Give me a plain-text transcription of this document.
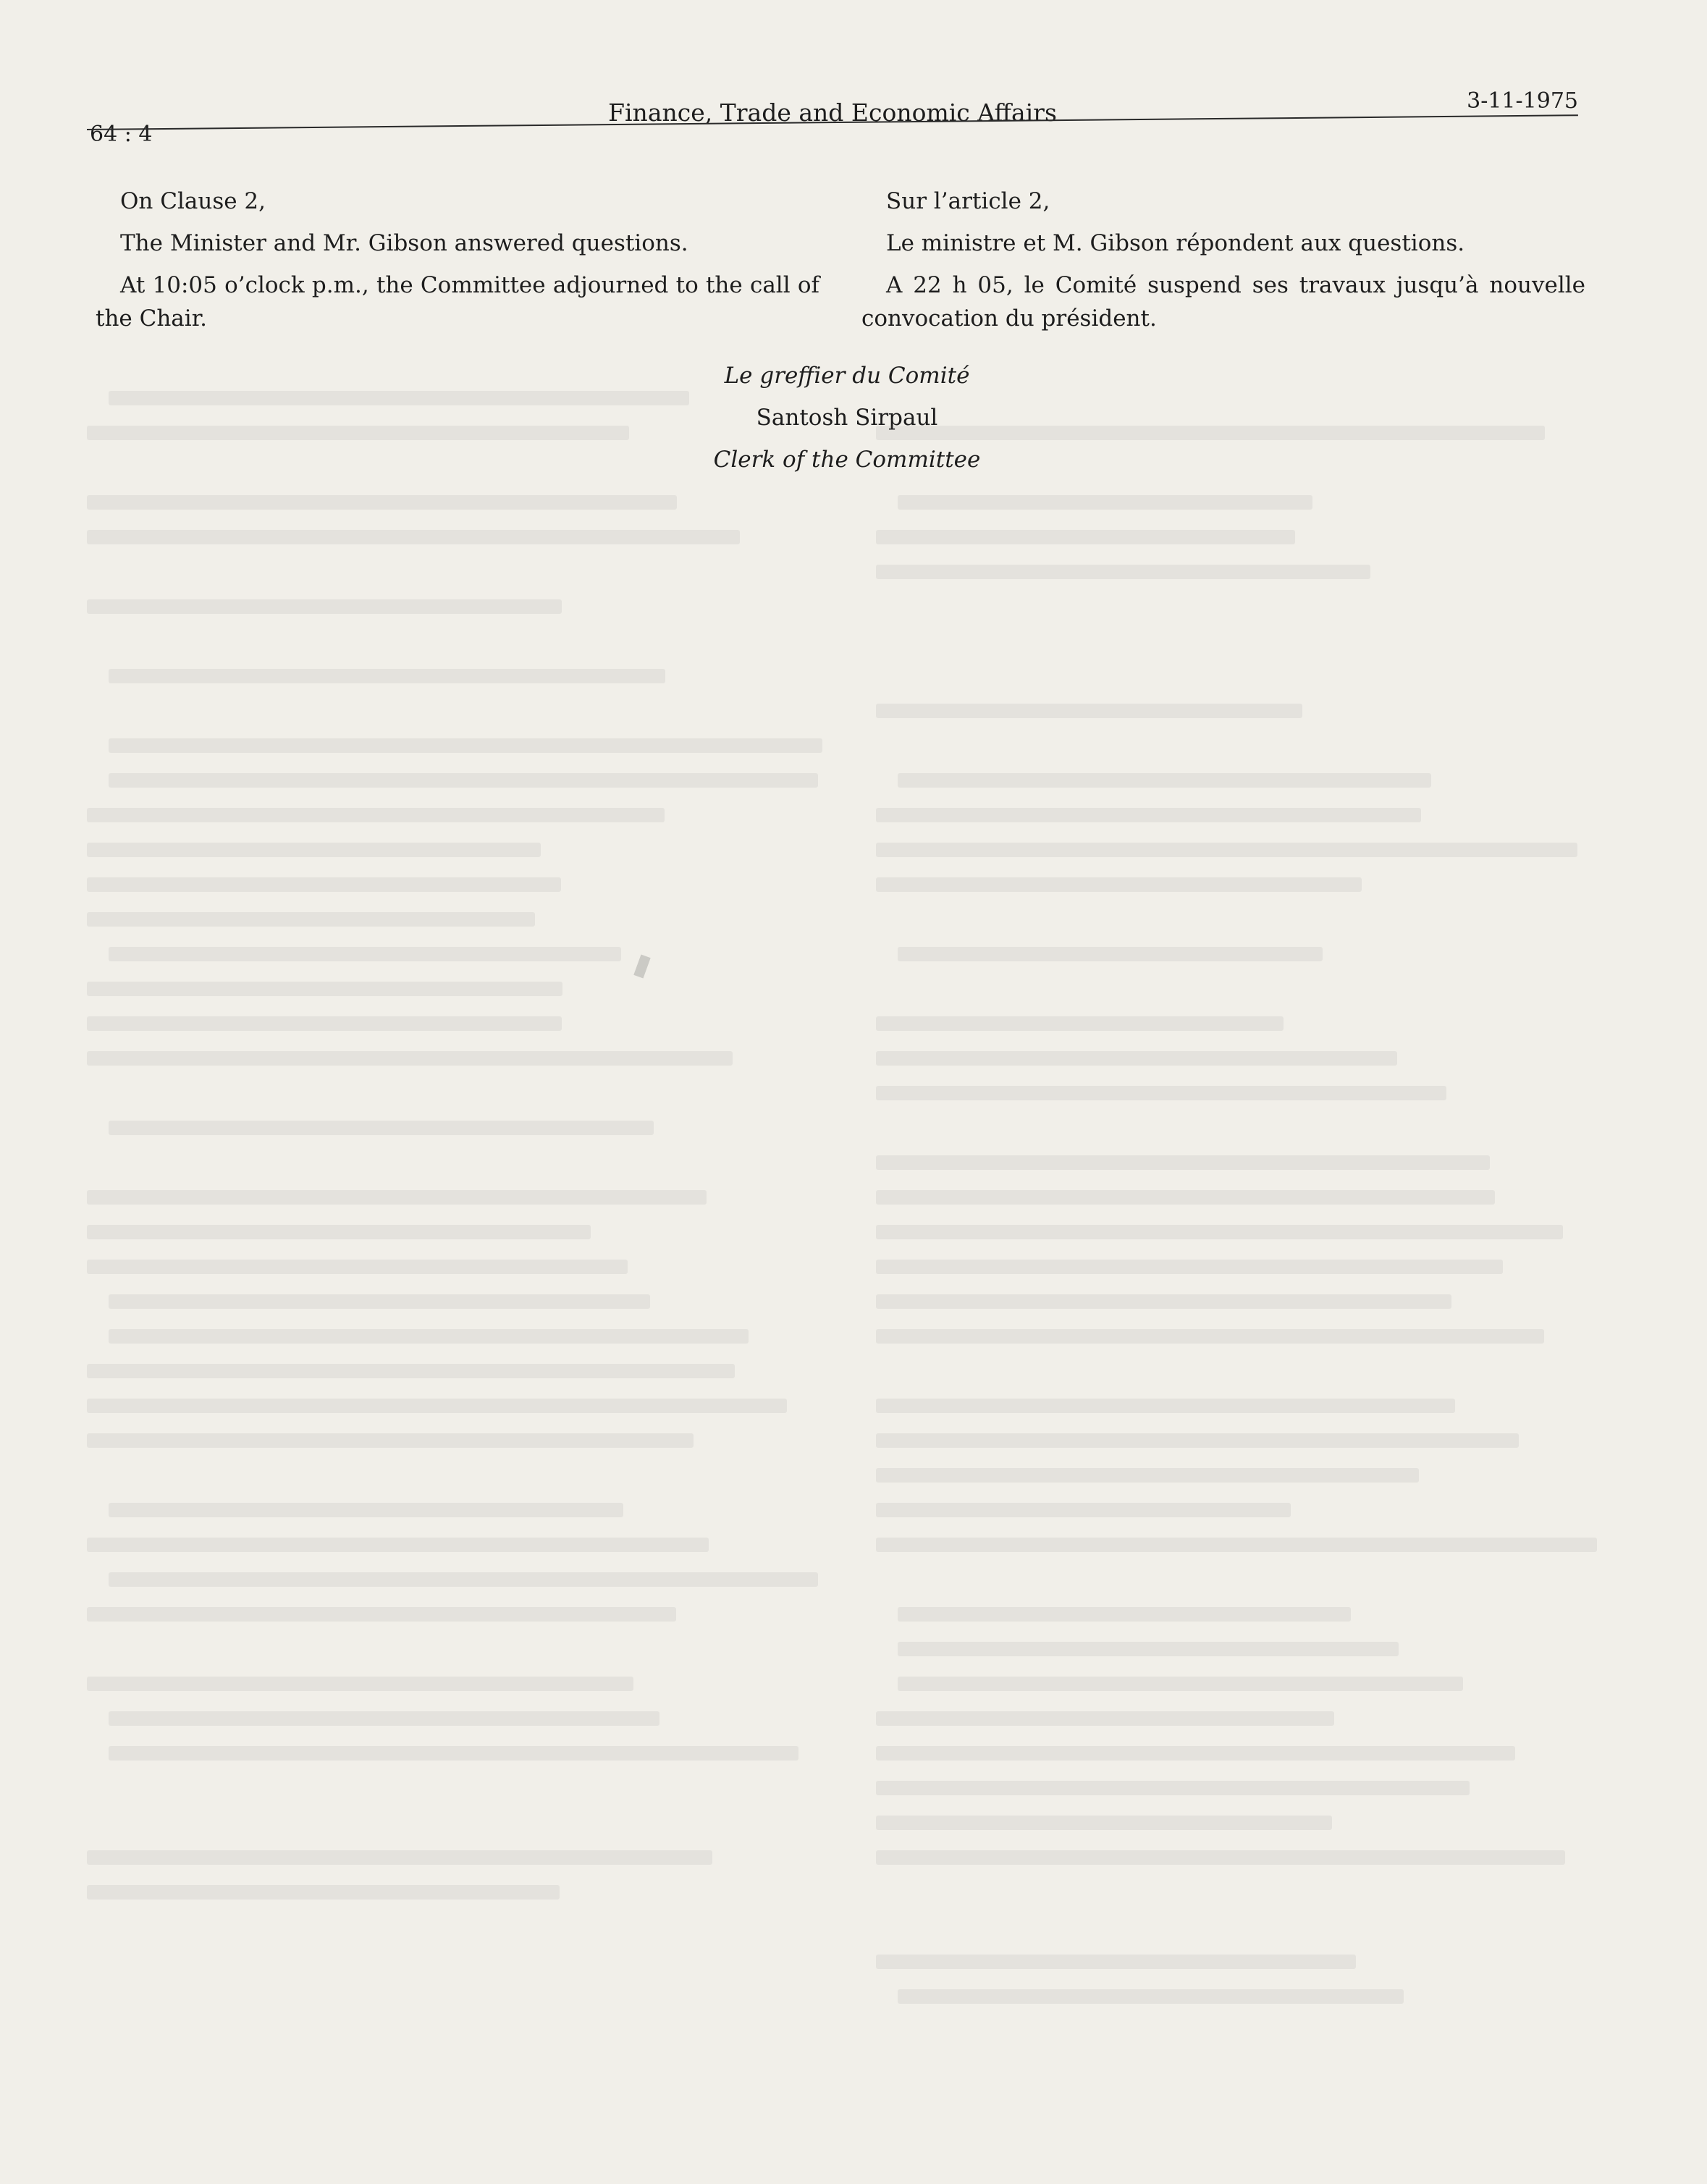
64 : 4
Finance, Trade and Economic Affairs	3-11-1975

On Clause 2,

The Minister and Mr. Gibson answered questions.

At 10:05 o’clock p.m., the Committee adjourned to the call of the Chair.

Sur l’article 2,

Le ministre et M. Gibson répondent aux questions.

A 22 h 05, le Comité suspend ses travaux jusqu’à nouvelle convocation du président.

Le greffier du Comité
Santosh Sirpaul
Clerk of the Committee
